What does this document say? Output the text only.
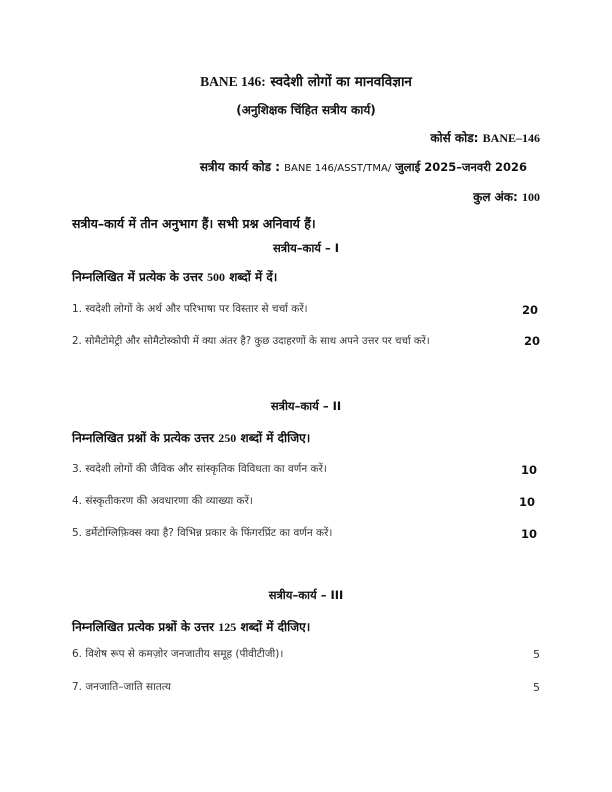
BANE 146: स्वदेशी लोगों का मानवविज्ञान
(अनुशिक्षक चिंहित सत्रीय कार्य)
कोर्स कोड: BANE–146
सत्रीय कार्य कोड : BANE 146/ASST/TMA/ जुलाई 2025–जनवरी 2026
कुल अंक: 100
सत्रीय–कार्य में तीन अनुभाग हैं। सभी प्रश्न अनिवार्य हैं।
सत्रीय–कार्य – I
निम्नलिखित में प्रत्येक के उत्तर 500 शब्दों में दें।
1. स्वदेशी लोगों के अर्थ और परिभाषा पर विस्तार से चर्चा करें।	20
2. सोमैटोमेट्री और सोमैटोस्कोपी में क्या अंतर है? कुछ उदाहरणों के साथ अपने उत्तर पर चर्चा करें।	20
सत्रीय–कार्य – II
निम्नलिखित प्रश्नों के प्रत्येक उत्तर 250 शब्दों में दीजिए।
3. स्वदेशी लोगों की जैविक और सांस्कृतिक विविधता का वर्णन करें।	10
4. संस्कृतीकरण की अवधारणा की व्याख्या करें।	10
5. डर्मेटोग्लिफ़िक्स क्या है? विभिन्न प्रकार के फिंगरप्रिंट का वर्णन करें।	10
सत्रीय–कार्य – III
निम्नलिखित प्रत्येक प्रश्नों के उत्तर 125 शब्दों में दीजिए।
6. विशेष रूप से कमज़ोर जनजातीय समूह (पीवीटीजी)।	5
7. जनजाति–जाति सातत्य	5
